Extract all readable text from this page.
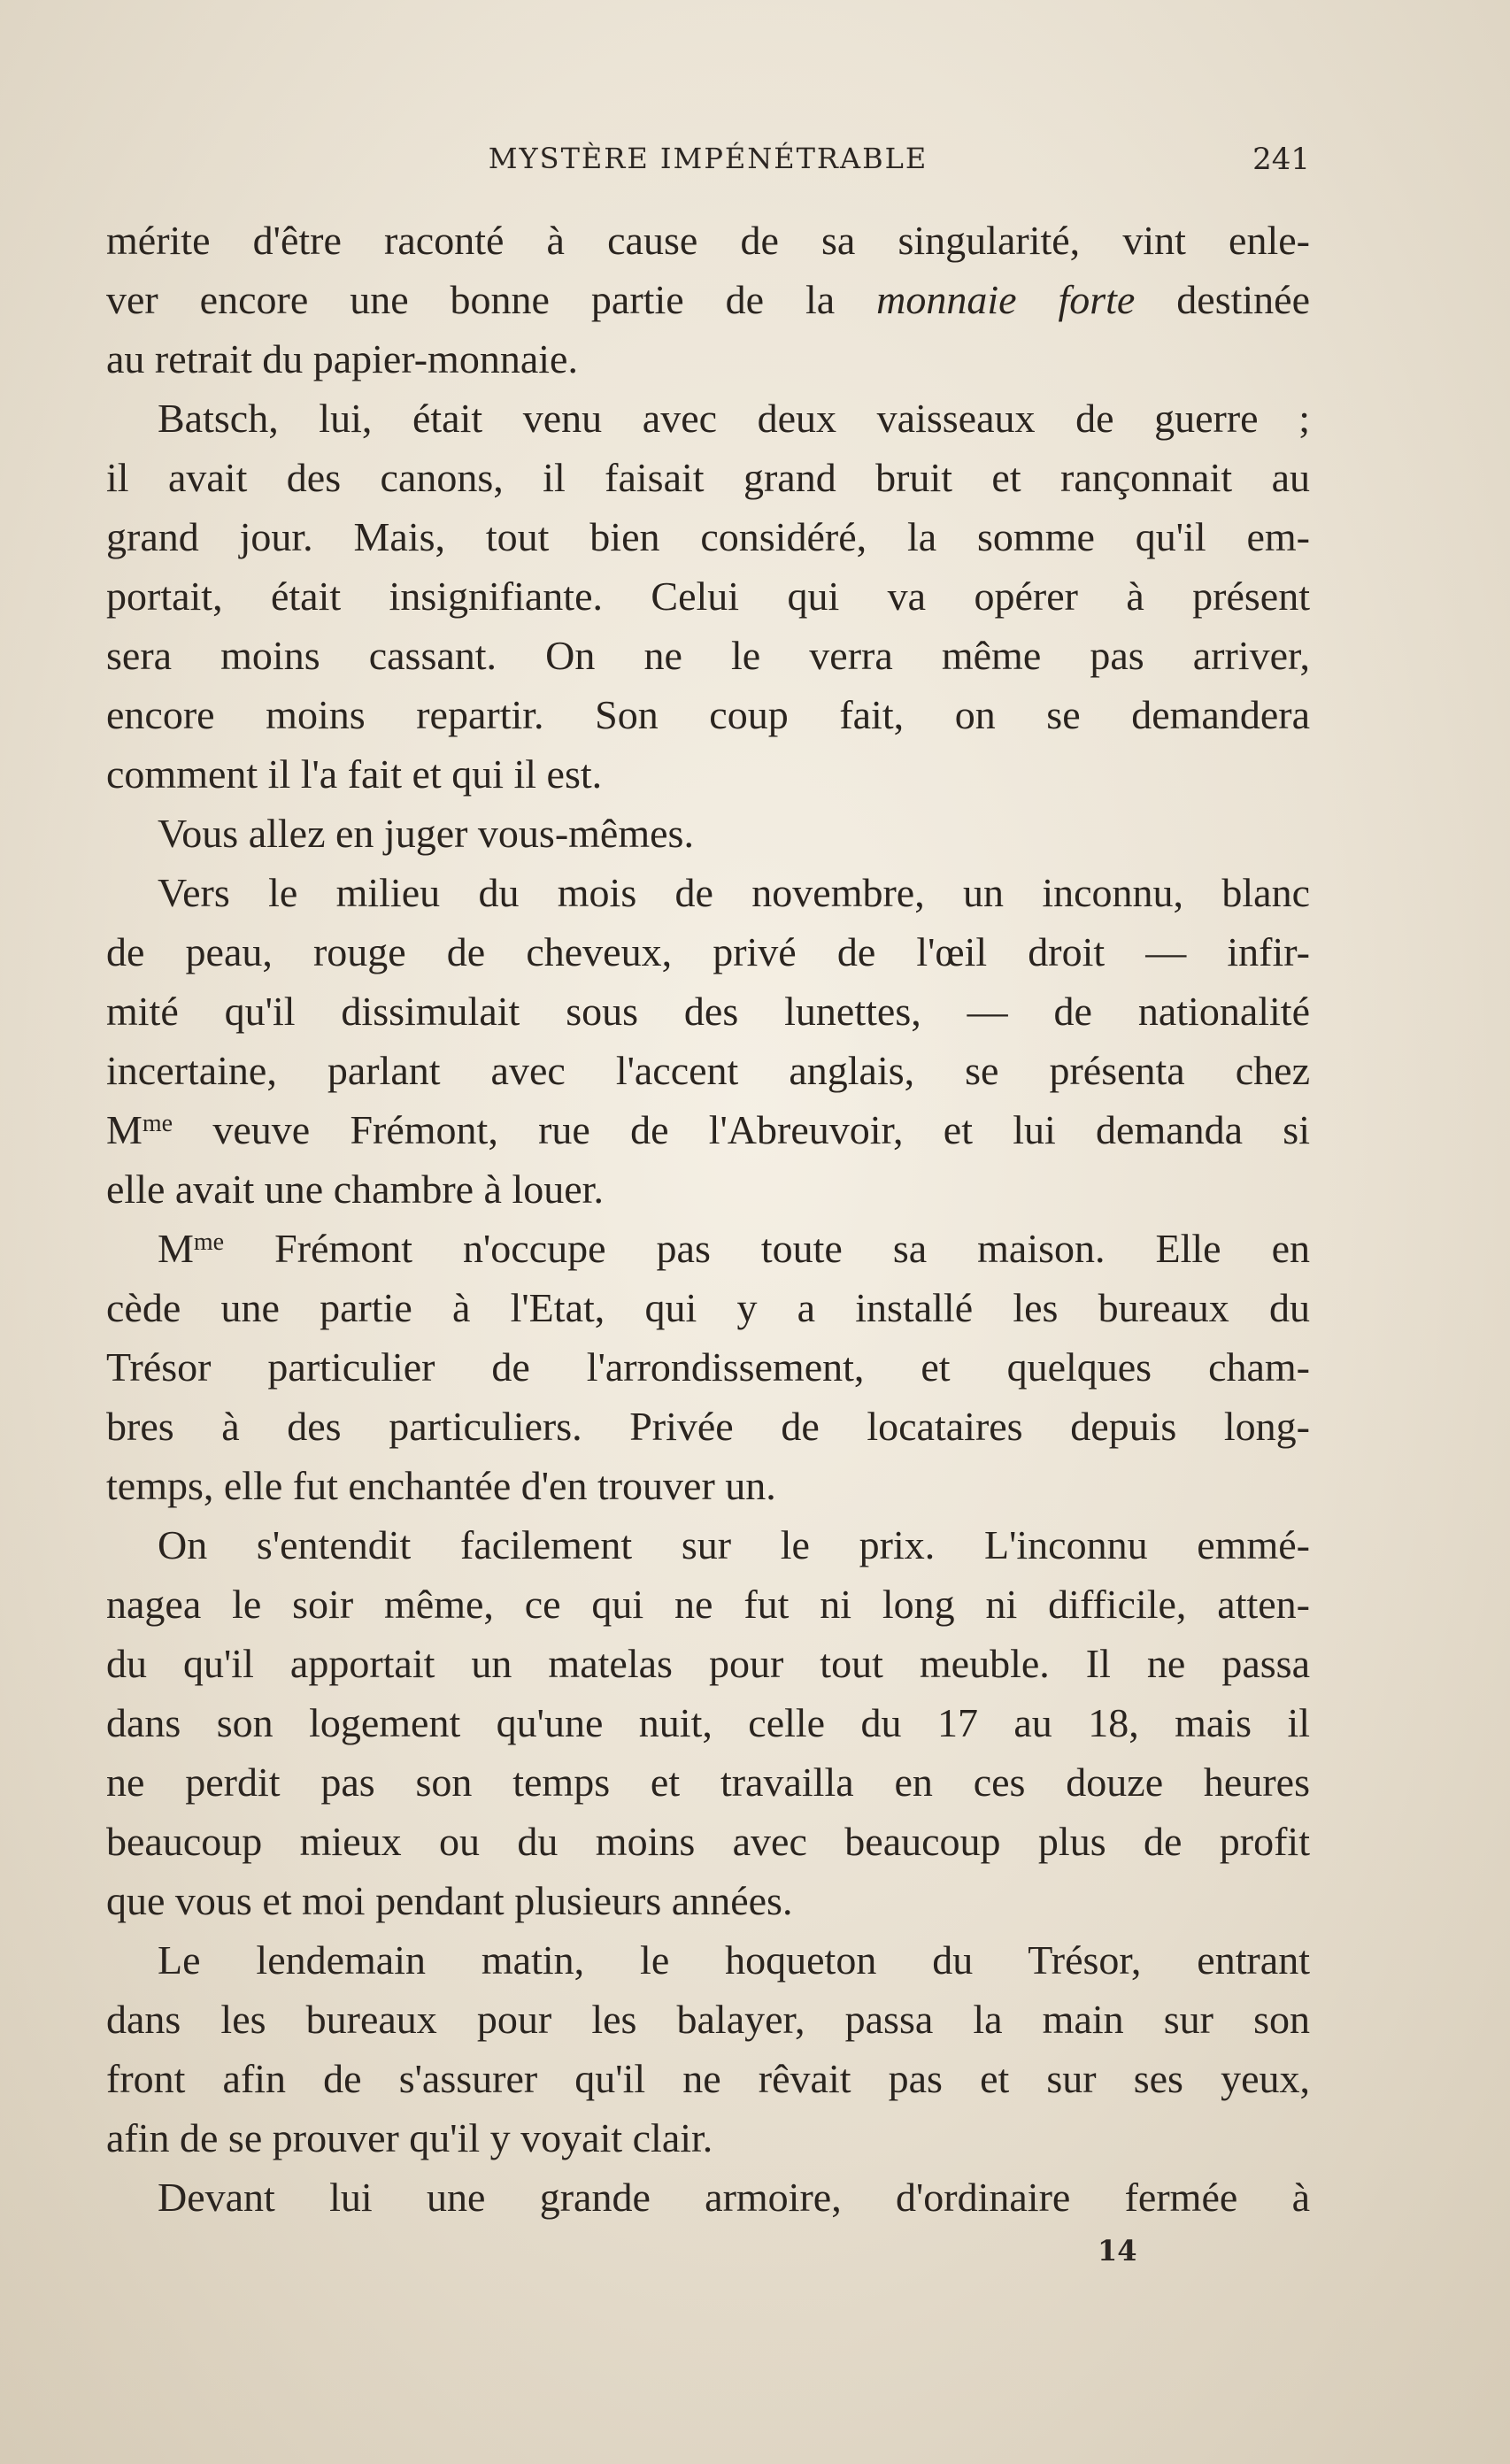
MYSTÈRE IMPÉNÉTRABLE	241
mérite d'être raconté à cause de sa singularité, vint enle-
ver encore une bonne partie de la monnaie forte destinée
au retrait du papier-monnaie.
Batsch, lui, était venu avec deux vaisseaux de guerre ;
il avait des canons, il faisait grand bruit et rançonnait au
grand jour. Mais, tout bien considéré, la somme qu'il em-
portait, était insignifiante. Celui qui va opérer à présent
sera moins cassant. On ne le verra même pas arriver,
encore moins repartir. Son coup fait, on se demandera
comment il l'a fait et qui il est.
Vous allez en juger vous-mêmes.
Vers le milieu du mois de novembre, un inconnu, blanc
de peau, rouge de cheveux, privé de l'œil droit — infir-
mité qu'il dissimulait sous des lunettes, — de nationalité
incertaine, parlant avec l'accent anglais, se présenta chez
$M^{me}$ veuve Frémont, rue de l'Abreuvoir, et lui demanda si
elle avait une chambre à louer.
$M^{me}$ Frémont n'occupe pas toute sa maison. Elle en
cède une partie à l'Etat, qui y a installé les bureaux du
Trésor particulier de l'arrondissement, et quelques cham-
bres à des particuliers. Privée de locataires depuis long-
temps, elle fut enchantée d'en trouver un.
On s'entendit facilement sur le prix. L'inconnu emmé-
nagea le soir même, ce qui ne fut ni long ni difficile, atten-
du qu'il apportait un matelas pour tout meuble. Il ne passa
dans son logement qu'une nuit, celle du 17 au 18, mais il
ne perdit pas son temps et travailla en ces douze heures
beaucoup mieux ou du moins avec beaucoup plus de profit
que vous et moi pendant plusieurs années.
Le lendemain matin, le hoqueton du Trésor, entrant
dans les bureaux pour les balayer, passa la main sur son
front afin de s'assurer qu'il ne rêvait pas et sur ses yeux,
afin de se prouver qu'il y voyait clair.
Devant lui une grande armoire, d'ordinaire fermée à
14
